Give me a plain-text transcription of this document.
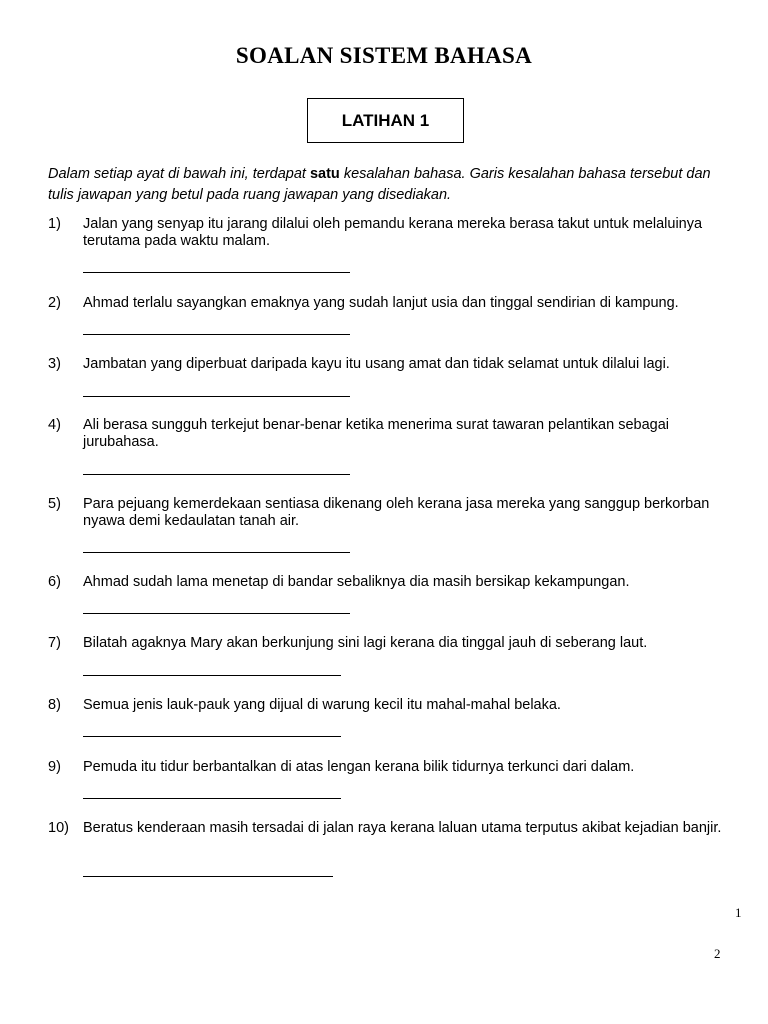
SOALAN SISTEM BAHASA
LATIHAN 1
Dalam setiap ayat di bawah ini, terdapat satu kesalahan bahasa. Garis kesalahan bahasa tersebut dan tulis jawapan yang betul pada ruang jawapan yang disediakan.
1) Jalan yang senyap itu jarang dilalui oleh pemandu kerana mereka berasa takut untuk melaluinya terutama pada waktu malam.
2) Ahmad terlalu sayangkan emaknya yang sudah lanjut usia dan tinggal sendirian di kampung.
3) Jambatan yang diperbuat daripada kayu itu usang amat dan tidak selamat untuk dilalui lagi.
4) Ali berasa sungguh terkejut benar-benar ketika menerima surat tawaran pelantikan sebagai jurubahasa.
5) Para pejuang kemerdekaan sentiasa dikenang oleh kerana jasa mereka yang sanggup berkorban nyawa demi kedaulatan tanah air.
6) Ahmad sudah lama menetap di bandar sebaliknya dia masih bersikap kekampungan.
7) Bilatah agaknya Mary akan berkunjung sini lagi kerana dia tinggal jauh di seberang laut.
8) Semua jenis lauk-pauk yang dijual di warung kecil itu mahal-mahal belaka.
9) Pemuda itu tidur berbantalkan di atas lengan kerana bilik tidurnya terkunci dari dalam.
10) Beratus kenderaan masih tersadai di jalan raya kerana laluan utama terputus akibat kejadian banjir.
1
2
